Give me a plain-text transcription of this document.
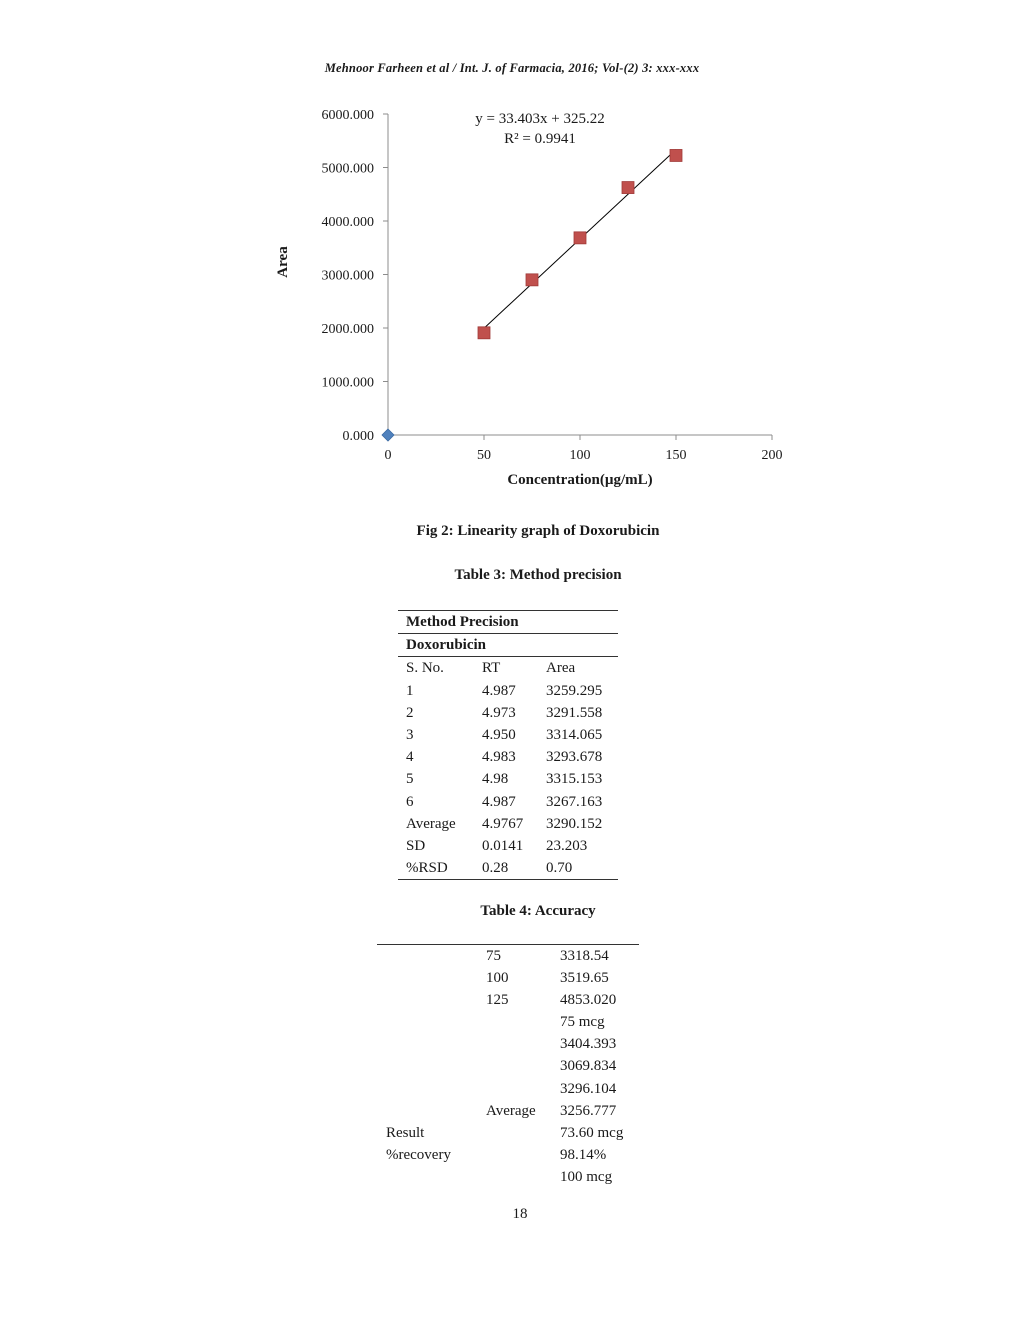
Mehnoor Farheen et al / Int. J. of Farmacia, 2016; Vol-(2) 3: xxx-xxx
0.000
1000.000
2000.000
3000.000
4000.000
5000.000
6000.000
0	50	100	150	200
y = 33.403x + 325.22
R² = 0.9941
Concentration(µg/mL)
Area
Fig 2: Linearity graph of Doxorubicin
Table 3: Method precision
Method Precision		
Doxorubicin		
S. No.	RT	Area
1	4.987	3259.295
2	4.973	3291.558
3	4.950	3314.065
4	4.983	3293.678
5	4.98	3315.153
6	4.987	3267.163
Average	4.9767	3290.152
SD	0.0141	23.203
%RSD	0.28	0.70
Table 4: Accuracy
	75	3318.54
	100	3519.65
	125	4853.020
		75 mcg
		3404.393
		3069.834
		3296.104
	Average	3256.777
Result		73.60 mcg
%recovery		98.14%
		100 mcg
18
